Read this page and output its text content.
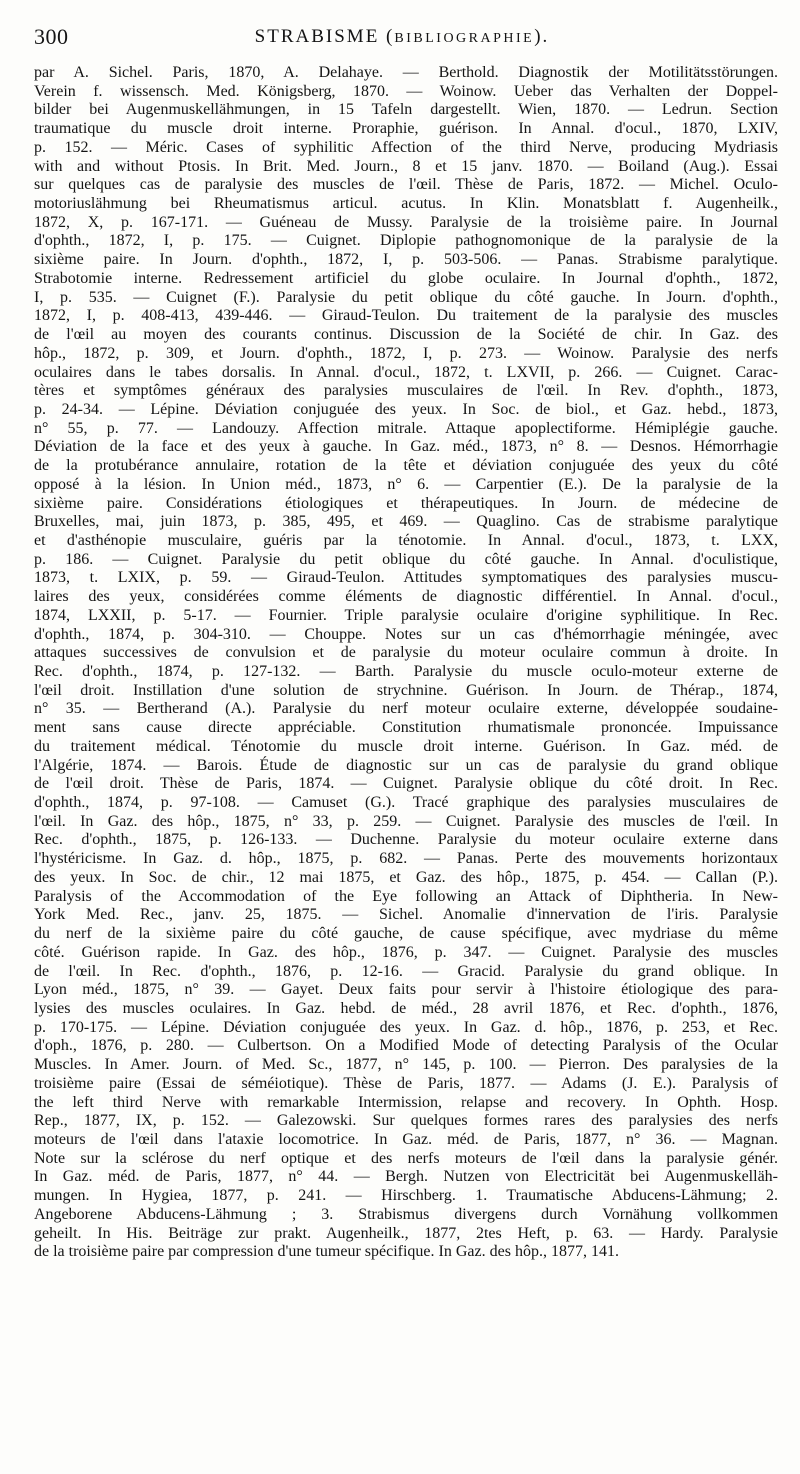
300	STRABISME (BIBLIOGRAPHIE).
par A. Sichel. Paris, 1870, A. Delahaye. — Berthold. Diagnostik der Motilitätsstörungen.
Verein f. wissensch. Med. Königsberg, 1870. — Woinow. Ueber das Verhalten der Doppel-
bilder bei Augenmuskellähmungen, in 15 Tafeln dargestellt. Wien, 1870. — Ledrun. Section
traumatique du muscle droit interne. Proraphie, guérison. In Annal. d'ocul., 1870, LXIV,
p. 152. — Méric. Cases of syphilitic Affection of the third Nerve, producing Mydriasis
with and without Ptosis. In Brit. Med. Journ., 8 et 15 janv. 1870. — Boiland (Aug.). Essai
sur quelques cas de paralysie des muscles de l'œil. Thèse de Paris, 1872. — Michel. Oculo-
motoriuslähmung bei Rheumatismus articul. acutus. In Klin. Monatsblatt f. Augenheilk.,
1872, X, p. 167-171. — Guéneau de Mussy. Paralysie de la troisième paire. In Journal
d'ophth., 1872, I, p. 175. — Cuignet. Diplopie pathognomonique de la paralysie de la
sixième paire. In Journ. d'ophth., 1872, I, p. 503-506. — Panas. Strabisme paralytique.
Strabotomie interne. Redressement artificiel du globe oculaire. In Journal d'ophth., 1872,
I, p. 535. — Cuignet (F.). Paralysie du petit oblique du côté gauche. In Journ. d'ophth.,
1872, I, p. 408-413, 439-446. — Giraud-Teulon. Du traitement de la paralysie des muscles
de l'œil au moyen des courants continus. Discussion de la Société de chir. In Gaz. des
hôp., 1872, p. 309, et Journ. d'ophth., 1872, I, p. 273. — Woinow. Paralysie des nerfs
oculaires dans le tabes dorsalis. In Annal. d'ocul., 1872, t. LXVII, p. 266. — Cuignet. Carac-
tères et symptômes généraux des paralysies musculaires de l'œil. In Rev. d'ophth., 1873,
p. 24-34. — Lépine. Déviation conjuguée des yeux. In Soc. de biol., et Gaz. hebd., 1873,
n° 55, p. 77. — Landouzy. Affection mitrale. Attaque apoplectiforme. Hémiplégie gauche.
Déviation de la face et des yeux à gauche. In Gaz. méd., 1873, n° 8. — Desnos. Hémorrhagie
de la protubérance annulaire, rotation de la tête et déviation conjuguée des yeux du côté
opposé à la lésion. In Union méd., 1873, n° 6. — Carpentier (E.). De la paralysie de la
sixième paire. Considérations étiologiques et thérapeutiques. In Journ. de médecine de
Bruxelles, mai, juin 1873, p. 385, 495, et 469. — Quaglino. Cas de strabisme paralytique
et d'asthénopie musculaire, guéris par la ténotomie. In Annal. d'ocul., 1873, t. LXX,
p. 186. — Cuignet. Paralysie du petit oblique du côté gauche. In Annal. d'oculistique,
1873, t. LXIX, p. 59. — Giraud-Teulon. Attitudes symptomatiques des paralysies muscu-
laires des yeux, considérées comme éléments de diagnostic différentiel. In Annal. d'ocul.,
1874, LXXII, p. 5-17. — Fournier. Triple paralysie oculaire d'origine syphilitique. In Rec.
d'ophth., 1874, p. 304-310. — Chouppe. Notes sur un cas d'hémorrhagie méningée, avec
attaques successives de convulsion et de paralysie du moteur oculaire commun à droite. In
Rec. d'ophth., 1874, p. 127-132. — Barth. Paralysie du muscle oculo-moteur externe de
l'œil droit. Instillation d'une solution de strychnine. Guérison. In Journ. de Thérap., 1874,
n° 35. — Bertherand (A.). Paralysie du nerf moteur oculaire externe, développée soudaine-
ment sans cause directe appréciable. Constitution rhumatismale prononcée. Impuissance
du traitement médical. Ténotomie du muscle droit interne. Guérison. In Gaz. méd. de
l'Algérie, 1874. — Barois. Étude de diagnostic sur un cas de paralysie du grand oblique
de l'œil droit. Thèse de Paris, 1874. — Cuignet. Paralysie oblique du côté droit. In Rec.
d'ophth., 1874, p. 97-108. — Camuset (G.). Tracé graphique des paralysies musculaires de
l'œil. In Gaz. des hôp., 1875, n° 33, p. 259. — Cuignet. Paralysie des muscles de l'œil. In
Rec. d'ophth., 1875, p. 126-133. — Duchenne. Paralysie du moteur oculaire externe dans
l'hystéricisme. In Gaz. d. hôp., 1875, p. 682. — Panas. Perte des mouvements horizontaux
des yeux. In Soc. de chir., 12 mai 1875, et Gaz. des hôp., 1875, p. 454. — Callan (P.).
Paralysis of the Accommodation of the Eye following an Attack of Diphtheria. In New-
York Med. Rec., janv. 25, 1875. — Sichel. Anomalie d'innervation de l'iris. Paralysie
du nerf de la sixième paire du côté gauche, de cause spécifique, avec mydriase du même
côté. Guérison rapide. In Gaz. des hôp., 1876, p. 347. — Cuignet. Paralysie des muscles
de l'œil. In Rec. d'ophth., 1876, p. 12-16. — Gracid. Paralysie du grand oblique. In
Lyon méd., 1875, n° 39. — Gayet. Deux faits pour servir à l'histoire étiologique des para-
lysies des muscles oculaires. In Gaz. hebd. de méd., 28 avril 1876, et Rec. d'ophth., 1876,
p. 170-175. — Lépine. Déviation conjuguée des yeux. In Gaz. d. hôp., 1876, p. 253, et Rec.
d'oph., 1876, p. 280. — Culbertson. On a Modified Mode of detecting Paralysis of the Ocular
Muscles. In Amer. Journ. of Med. Sc., 1877, n° 145, p. 100. — Pierron. Des paralysies de la
troisième paire (Essai de séméiotique). Thèse de Paris, 1877. — Adams (J. E.). Paralysis of
the left third Nerve with remarkable Intermission, relapse and recovery. In Ophth. Hosp.
Rep., 1877, IX, p. 152. — Galezowski. Sur quelques formes rares des paralysies des nerfs
moteurs de l'œil dans l'ataxie locomotrice. In Gaz. méd. de Paris, 1877, n° 36. — Magnan.
Note sur la sclérose du nerf optique et des nerfs moteurs de l'œil dans la paralysie génér.
In Gaz. méd. de Paris, 1877, n° 44. — Bergh. Nutzen von Electricität bei Augenmuskelläh-
mungen. In Hygiea, 1877, p. 241. — Hirschberg. 1. Traumatische Abducens-Lähmung; 2.
Angeborene Abducens-Lähmung ; 3. Strabismus divergens durch Vornähung vollkommen
geheilt. In His. Beiträge zur prakt. Augenheilk., 1877, 2tes Heft, p. 63. — Hardy. Paralysie
de la troisième paire par compression d'une tumeur spécifique. In Gaz. des hôp., 1877, 141.
